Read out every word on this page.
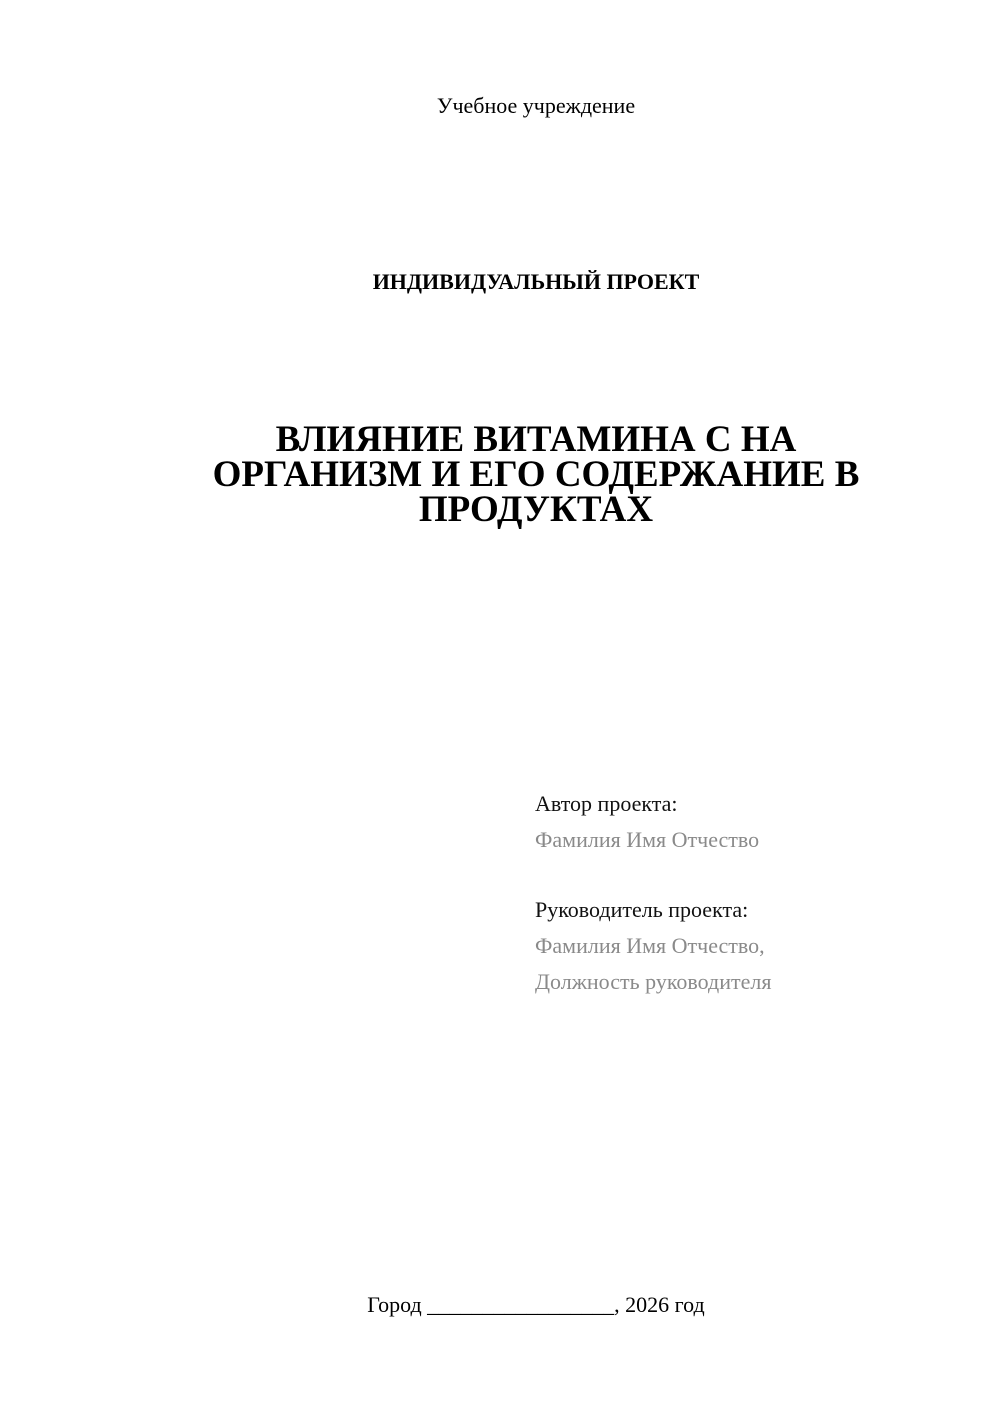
Учебное учреждение
ИНДИВИДУАЛЬНЫЙ ПРОЕКТ
ВЛИЯНИЕ ВИТАМИНА С НА
ОРГАНИЗМ И ЕГО СОДЕРЖАНИЕ В
ПРОДУКТАХ
Автор проекта:
Фамилия Имя Отчество
Руководитель проекта:
Фамилия Имя Отчество,
Должность руководителя
Город _________________, 2026 год
